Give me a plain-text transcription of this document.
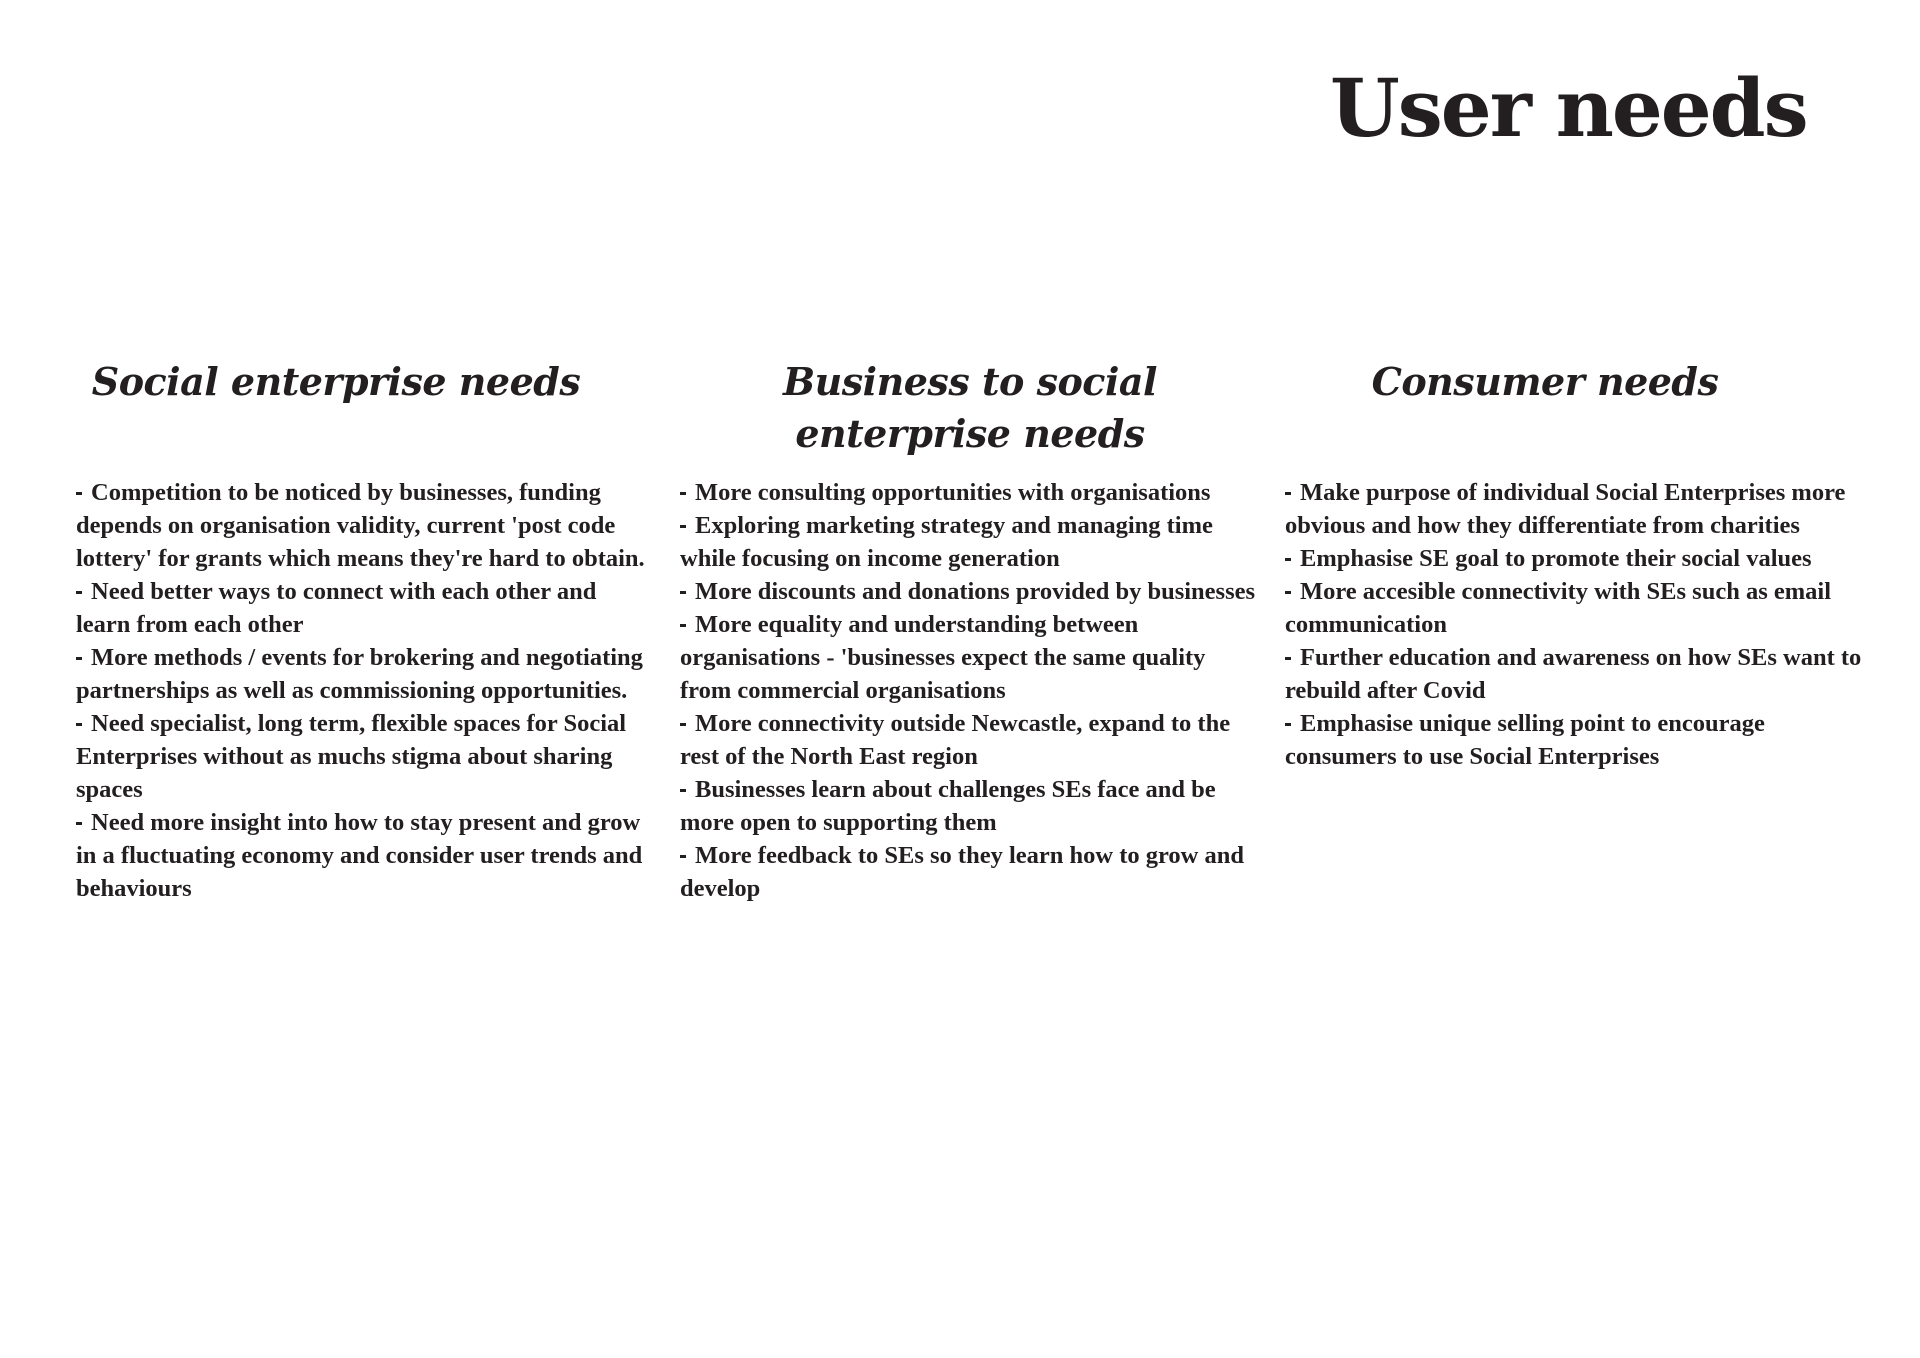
User needs
Social enterprise needs
Competition to be noticed by businesses, funding depends on organisation validity, current 'post code lottery' for grants which means they're hard to obtain.
Need better ways to connect with each other and learn from each other
More methods / events for brokering and negotiating partnerships as well as commissioning opportunities.
Need specialist, long term, flexible spaces for Social Enterprises without as muchs stigma about sharing spaces
Need more insight into how to stay present and grow in a fluctuating economy and consider user trends and behaviours
Business to social enterprise needs
More consulting opportunities with organisations
Exploring marketing strategy and managing time while focusing on income generation
More discounts and donations provided by businesses
More equality and understanding between organisations - 'businesses expect the same quality from commercial organisations
More connectivity outside Newcastle, expand to the rest of the North East region
Businesses learn about challenges SEs face and be more open to supporting them
More feedback to SEs so they learn how to grow and develop
Consumer needs
Make purpose of individual Social Enterprises more obvious and how they differentiate from charities
Emphasise SE goal to promote their social values
More accesible connectivity with SEs such as email communication
Further education and awareness on how SEs want to rebuild after Covid
Emphasise unique selling point to encourage consumers to use Social Enterprises
